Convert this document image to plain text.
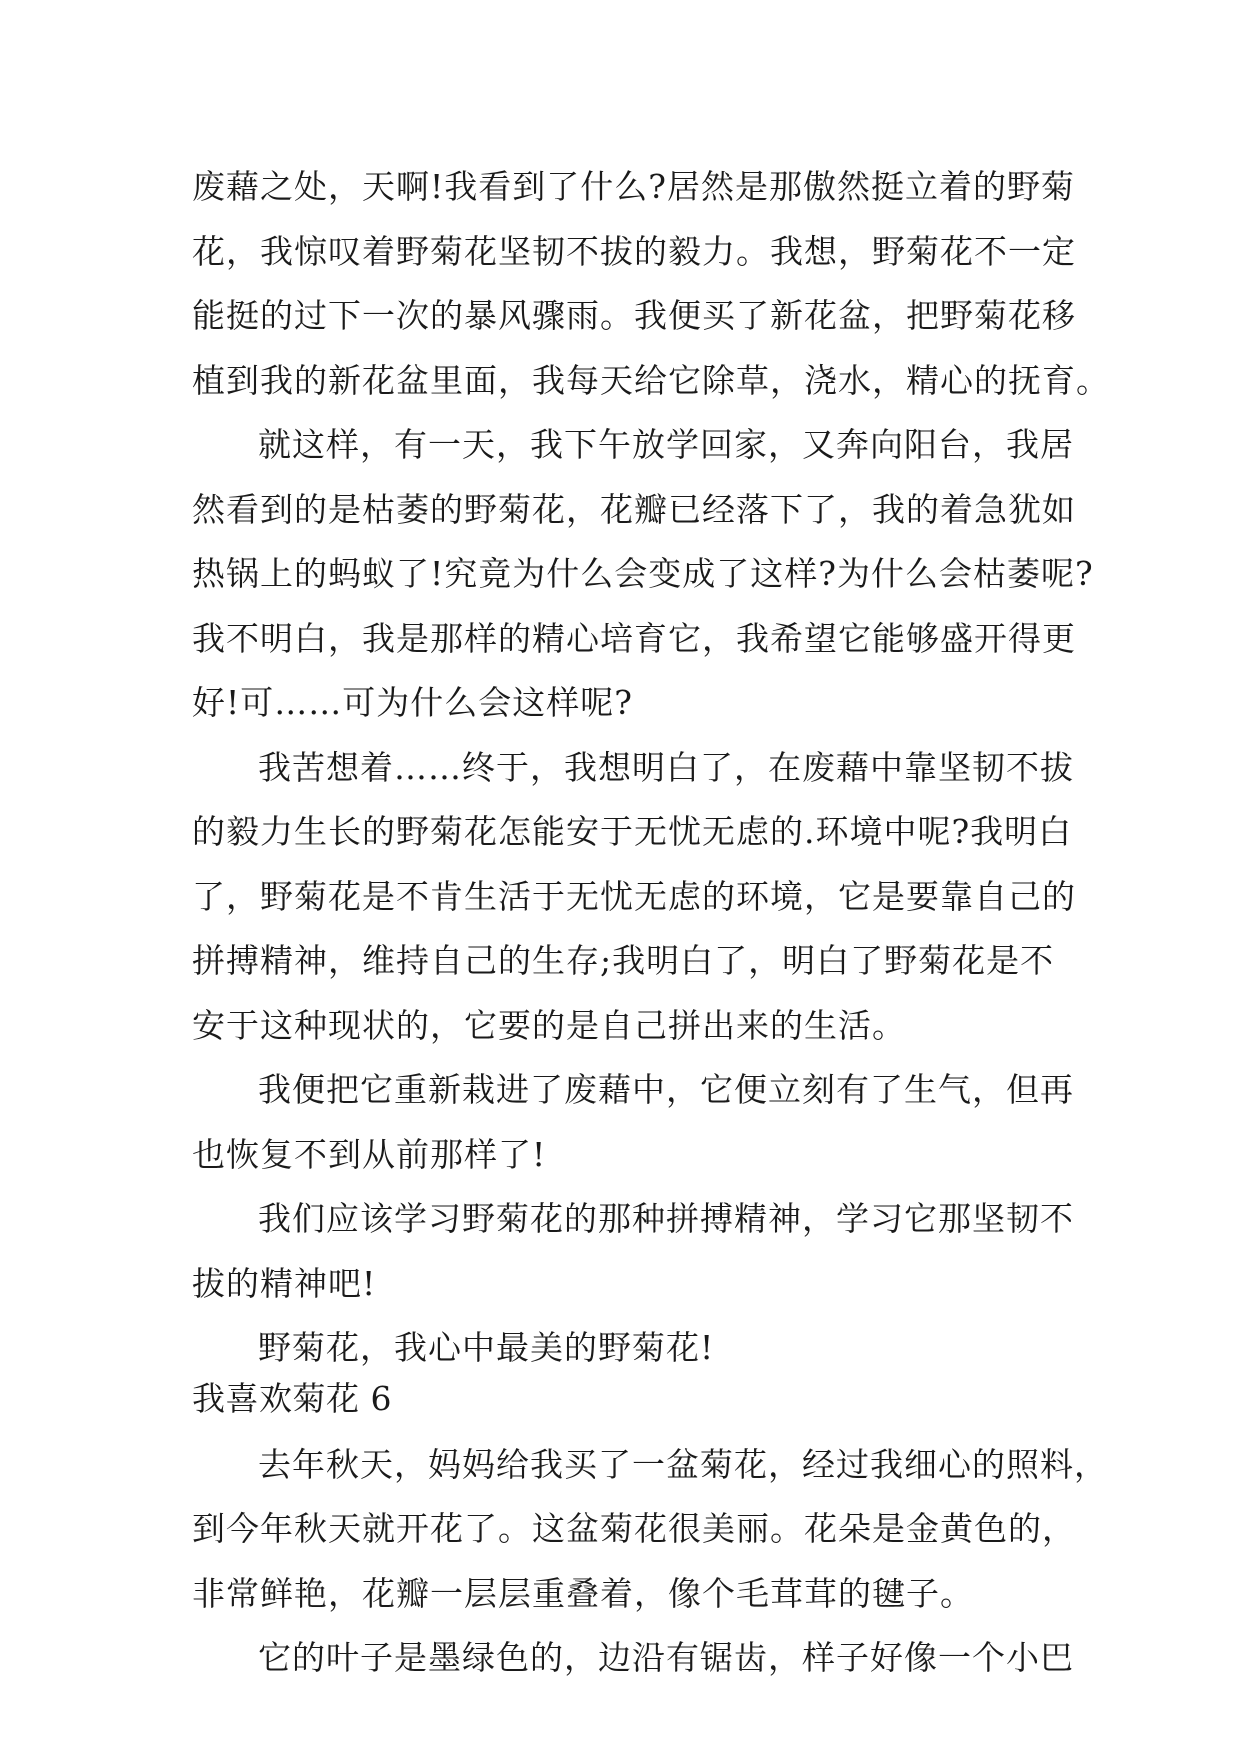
废藉之处，天啊!我看到了什么?居然是那傲然挺立着的野菊
花，我惊叹着野菊花坚韧不拔的毅力。我想，野菊花不一定
能挺的过下一次的暴风骤雨。我便买了新花盆，把野菊花移
植到我的新花盆里面，我每天给它除草，浇水，精心的抚育。
就这样，有一天，我下午放学回家，又奔向阳台，我居
然看到的是枯萎的野菊花，花瓣已经落下了，我的着急犹如
热锅上的蚂蚁了!究竟为什么会变成了这样?为什么会枯萎呢?
我不明白，我是那样的精心培育它，我希望它能够盛开得更
好!可……可为什么会这样呢?
我苦想着……终于，我想明白了，在废藉中靠坚韧不拔
的毅力生长的野菊花怎能安于无忧无虑的.环境中呢?我明白
了，野菊花是不肯生活于无忧无虑的环境，它是要靠自己的
拼搏精神，维持自己的生存;我明白了，明白了野菊花是不
安于这种现状的，它要的是自己拼出来的生活。
我便把它重新栽进了废藉中，它便立刻有了生气，但再
也恢复不到从前那样了!
我们应该学习野菊花的那种拼搏精神，学习它那坚韧不
拔的精神吧!
野菊花，我心中最美的野菊花!
我喜欢菊花 6
去年秋天，妈妈给我买了一盆菊花，经过我细心的照料，
到今年秋天就开花了。这盆菊花很美丽。花朵是金黄色的，
非常鲜艳，花瓣一层层重叠着，像个毛茸茸的毽子。
它的叶子是墨绿色的，边沿有锯齿，样子好像一个小巴
